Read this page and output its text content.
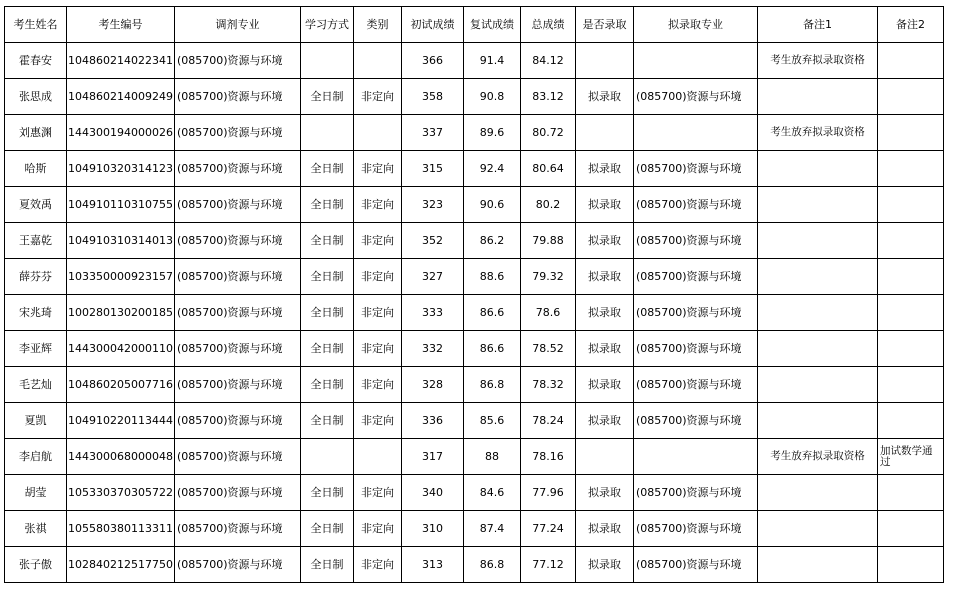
考生姓名	考生编号	调剂专业	学习方式	类别	初试成绩	复试成绩	总成绩	是否录取	拟录取专业	备注1	备注2
霍春安	104860214022341	(085700)资源与环境			366	91.4	84.12			考生放弃拟录取资格	
张思成	104860214009249	(085700)资源与环境	全日制	非定向	358	90.8	83.12	拟录取	(085700)资源与环境		
刘惠渊	144300194000026	(085700)资源与环境			337	89.6	80.72			考生放弃拟录取资格	
哈斯	104910320314123	(085700)资源与环境	全日制	非定向	315	92.4	80.64	拟录取	(085700)资源与环境		
夏效禹	104910110310755	(085700)资源与环境	全日制	非定向	323	90.6	80.2	拟录取	(085700)资源与环境		
王嘉乾	104910310314013	(085700)资源与环境	全日制	非定向	352	86.2	79.88	拟录取	(085700)资源与环境		
薛芬芬	103350000923157	(085700)资源与环境	全日制	非定向	327	88.6	79.32	拟录取	(085700)资源与环境		
宋兆琦	100280130200185	(085700)资源与环境	全日制	非定向	333	86.6	78.6	拟录取	(085700)资源与环境		
李亚辉	144300042000110	(085700)资源与环境	全日制	非定向	332	86.6	78.52	拟录取	(085700)资源与环境		
毛艺灿	104860205007716	(085700)资源与环境	全日制	非定向	328	86.8	78.32	拟录取	(085700)资源与环境		
夏凯	104910220113444	(085700)资源与环境	全日制	非定向	336	85.6	78.24	拟录取	(085700)资源与环境		
李启航	144300068000048	(085700)资源与环境			317	88	78.16			考生放弃拟录取资格	加试数学通过
胡莹	105330370305722	(085700)资源与环境	全日制	非定向	340	84.6	77.96	拟录取	(085700)资源与环境		
张祺	105580380113311	(085700)资源与环境	全日制	非定向	310	87.4	77.24	拟录取	(085700)资源与环境		
张子傲	102840212517750	(085700)资源与环境	全日制	非定向	313	86.8	77.12	拟录取	(085700)资源与环境		
